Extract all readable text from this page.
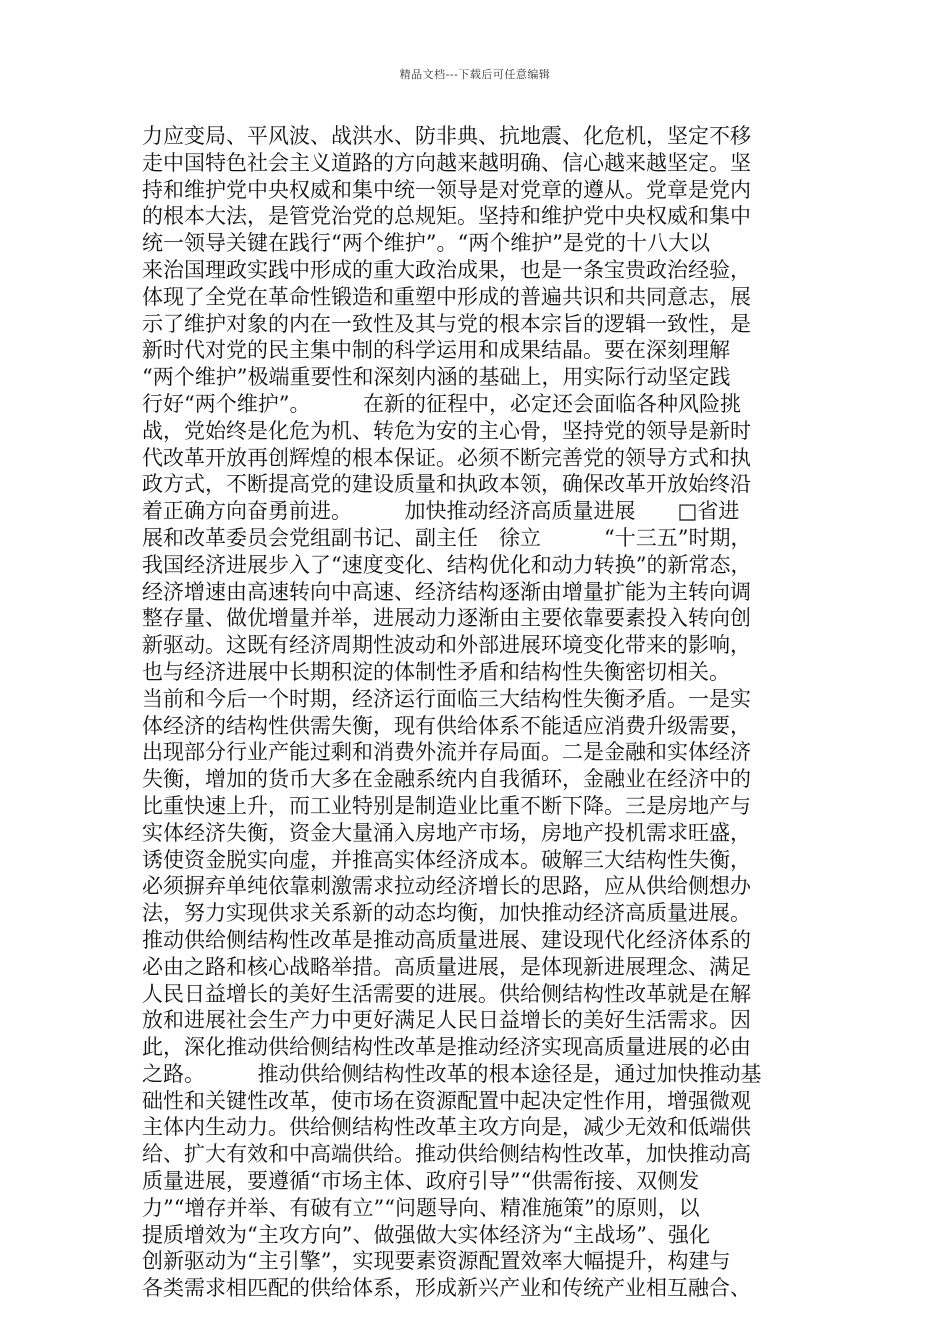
精品文档---下载后可任意编辑
力应变局、平风波、战洪水、防非典、抗地震、化危机，坚定不移
走中国特色社会主义道路的方向越来越明确、信心越来越坚定。坚
持和维护党中央权威和集中统一领导是对党章的遵从。党章是党内
的根本大法，是管党治党的总规矩。坚持和维护党中央权威和集中
统一领导关键在践行“两个维护”。“两个维护”是党的十八大以
来治国理政实践中形成的重大政治成果，也是一条宝贵政治经验，
体现了全党在革命性锻造和重塑中形成的普遍共识和共同意志，展
示了维护对象的内在一致性及其与党的根本宗旨的逻辑一致性，是
新时代对党的民主集中制的科学运用和成果结晶。要在深刻理解
“两个维护”极端重要性和深刻内涵的基础上，用实际行动坚定践
行好“两个维护”。　　　在新的征程中，必定还会面临各种风险挑
战，党始终是化危为机、转危为安的主心骨，坚持党的领导是新时
代改革开放再创辉煌的根本保证。必须不断完善党的领导方式和执
政方式，不断提高党的建设质量和执政本领，确保改革开放始终沿
着正确方向奋勇前进。　　　加快推动经济高质量进展　　□省进
展和改革委员会党组副书记、副主任　徐立　　　“十三五”时期，
我国经济进展步入了“速度变化、结构优化和动力转换”的新常态，
经济增速由高速转向中高速、经济结构逐渐由增量扩能为主转向调
整存量、做优增量并举，进展动力逐渐由主要依靠要素投入转向创
新驱动。这既有经济周期性波动和外部进展环境变化带来的影响，
也与经济进展中长期积淀的体制性矛盾和结构性失衡密切相关。
当前和今后一个时期，经济运行面临三大结构性失衡矛盾。一是实
体经济的结构性供需失衡，现有供给体系不能适应消费升级需要，
出现部分行业产能过剩和消费外流并存局面。二是金融和实体经济
失衡，增加的货币大多在金融系统内自我循环，金融业在经济中的
比重快速上升，而工业特别是制造业比重不断下降。三是房地产与
实体经济失衡，资金大量涌入房地产市场，房地产投机需求旺盛，
诱使资金脱实向虚，并推高实体经济成本。破解三大结构性失衡，
必须摒弃单纯依靠刺激需求拉动经济增长的思路，应从供给侧想办
法，努力实现供求关系新的动态均衡，加快推动经济高质量进展。
推动供给侧结构性改革是推动高质量进展、建设现代化经济体系的
必由之路和核心战略举措。高质量进展，是体现新进展理念、满足
人民日益增长的美好生活需要的进展。供给侧结构性改革就是在解
放和进展社会生产力中更好满足人民日益增长的美好生活需求。因
此，深化推动供给侧结构性改革是推动经济实现高质量进展的必由
之路。　　　推动供给侧结构性改革的根本途径是，通过加快推动基
础性和关键性改革，使市场在资源配置中起决定性作用，增强微观
主体内生动力。供给侧结构性改革主攻方向是，减少无效和低端供
给、扩大有效和中高端供给。推动供给侧结构性改革，加快推动高
质量进展，要遵循“市场主体、政府引导”“供需衔接、双侧发
力”“增存并举、有破有立”“问题导向、精准施策”的原则，以
提质增效为“主攻方向”、做强做大实体经济为“主战场”、强化
创新驱动为“主引擎”，实现要素资源配置效率大幅提升，构建与
各类需求相匹配的供给体系，形成新兴产业和传统产业相互融合、
